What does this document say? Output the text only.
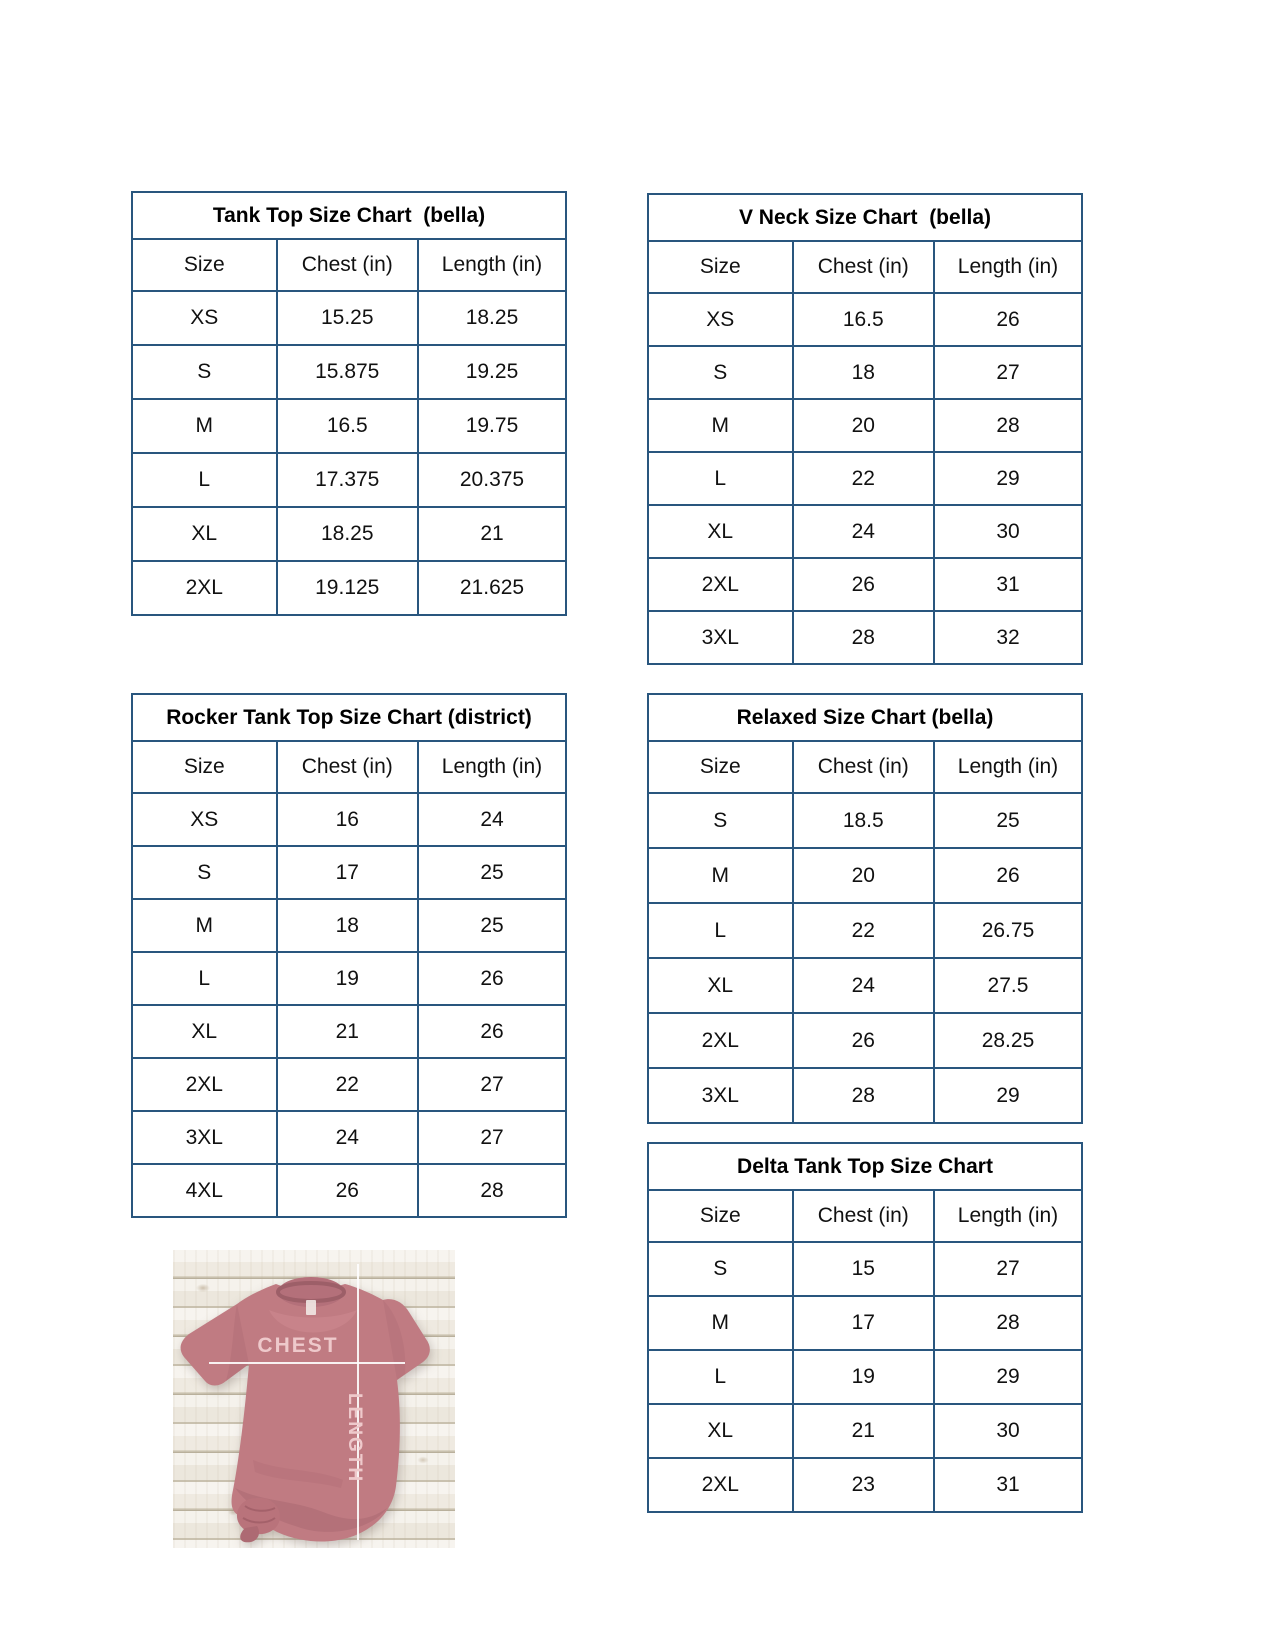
Tank Top Size Chart  (bella)		
Size	Chest (in)	Length (in)
XS	15.25	18.25
S	15.875	19.25
M	16.5	19.75
L	17.375	20.375
XL	18.25	21
2XL	19.125	21.625
V Neck Size Chart  (bella)		
Size	Chest (in)	Length (in)
XS	16.5	26
S	18	27
M	20	28
L	22	29
XL	24	30
2XL	26	31
3XL	28	32
Rocker Tank Top Size Chart (district)		
Size	Chest (in)	Length (in)
XS	16	24
S	17	25
M	18	25
L	19	26
XL	21	26
2XL	22	27
3XL	24	27
4XL	26	28
Relaxed Size Chart (bella)		
Size	Chest (in)	Length (in)
S	18.5	25
M	20	26
L	22	26.75
XL	24	27.5
2XL	26	28.25
3XL	28	29
Delta Tank Top Size Chart		
Size	Chest (in)	Length (in)
S	15	27
M	17	28
L	19	29
XL	21	30
2XL	23	31
CHEST
LENGTH
